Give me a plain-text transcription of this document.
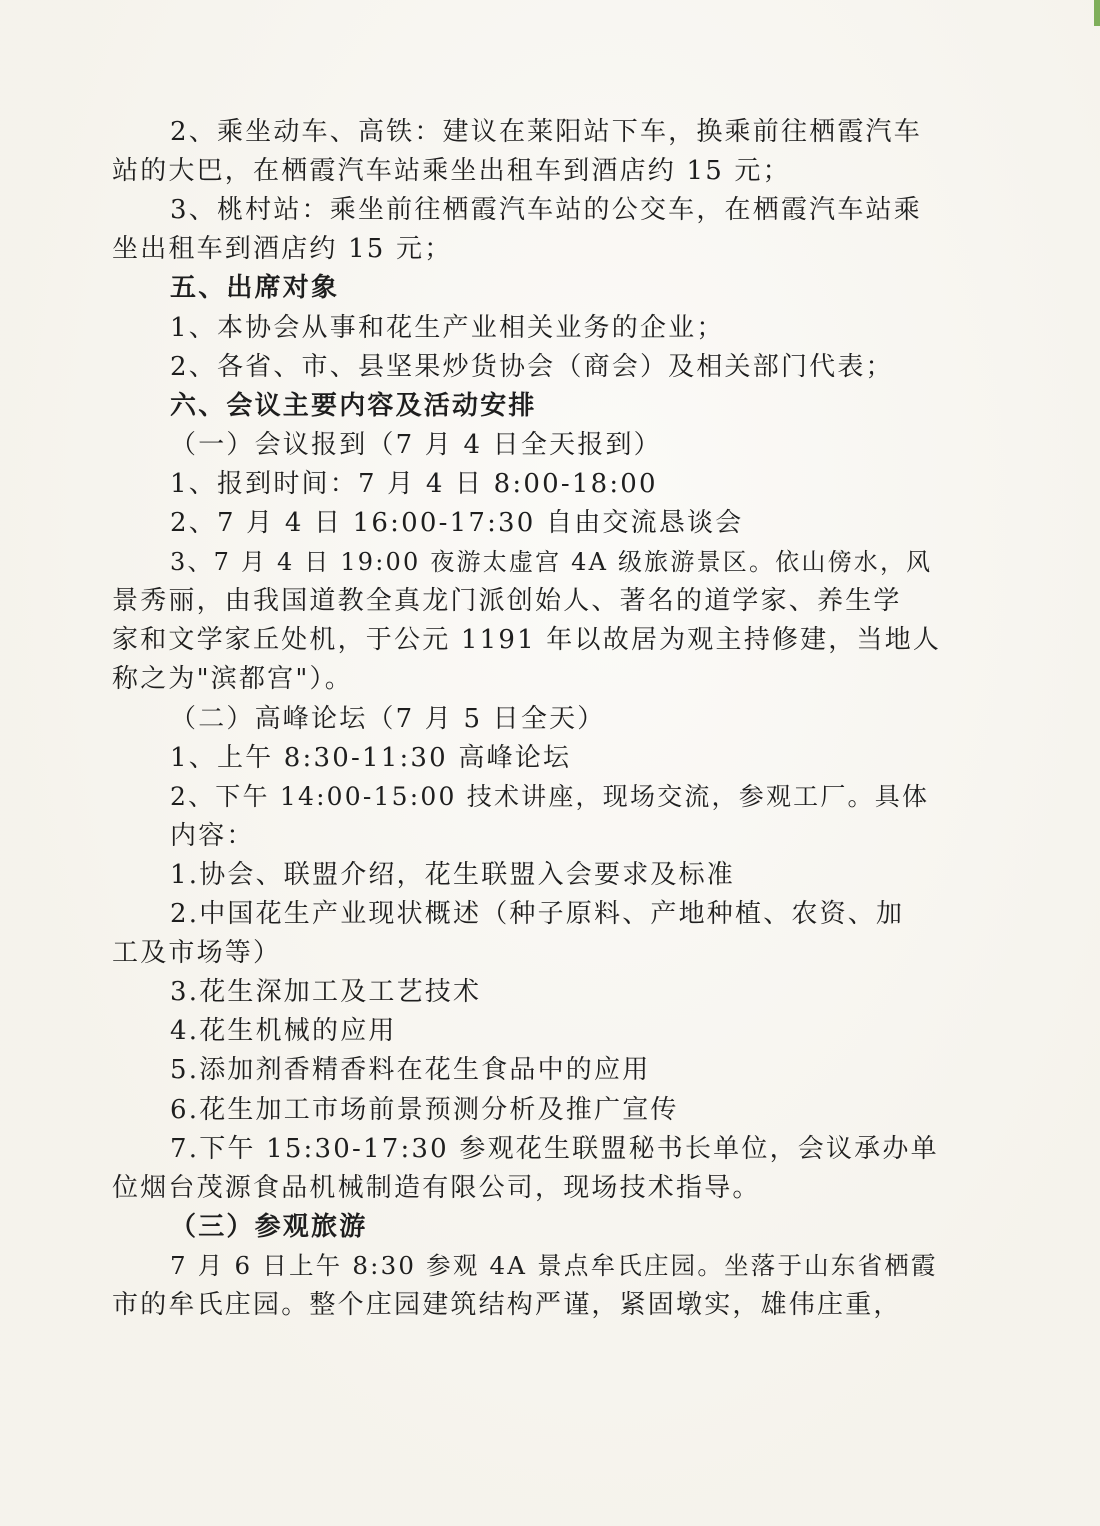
2、乘坐动车、高铁：建议在莱阳站下车，换乘前往栖霞汽车
站的大巴，在栖霞汽车站乘坐出租车到酒店约 15 元；
3、桃村站：乘坐前往栖霞汽车站的公交车，在栖霞汽车站乘
坐出租车到酒店约 15 元；
五、出席对象
1、本协会从事和花生产业相关业务的企业；
2、各省、市、县坚果炒货协会（商会）及相关部门代表；
六、会议主要内容及活动安排
（一）会议报到（7 月 4 日全天报到）
1、报到时间：7 月 4 日 8:00-18:00
2、7 月 4 日 16:00-17:30 自由交流恳谈会
3、7 月 4 日 19:00 夜游太虚宫 4A 级旅游景区。依山傍水，风
景秀丽，由我国道教全真龙门派创始人、著名的道学家、养生学
家和文学家丘处机，于公元 1191 年以故居为观主持修建，当地人
称之为"滨都宫"）。
（二）高峰论坛（7 月 5 日全天）
1、上午 8:30-11:30 高峰论坛
2、下午 14:00-15:00 技术讲座，现场交流，参观工厂。具体
内容：
1.协会、联盟介绍，花生联盟入会要求及标准
2.中国花生产业现状概述（种子原料、产地种植、农资、加
工及市场等）
3.花生深加工及工艺技术
4.花生机械的应用
5.添加剂香精香料在花生食品中的应用
6.花生加工市场前景预测分析及推广宣传
7.下午 15:30-17:30 参观花生联盟秘书长单位，会议承办单
位烟台茂源食品机械制造有限公司，现场技术指导。
（三）参观旅游
7 月 6 日上午 8:30 参观 4A 景点牟氏庄园。坐落于山东省栖霞
市的牟氏庄园。整个庄园建筑结构严谨，紧固墩实，雄伟庄重，
